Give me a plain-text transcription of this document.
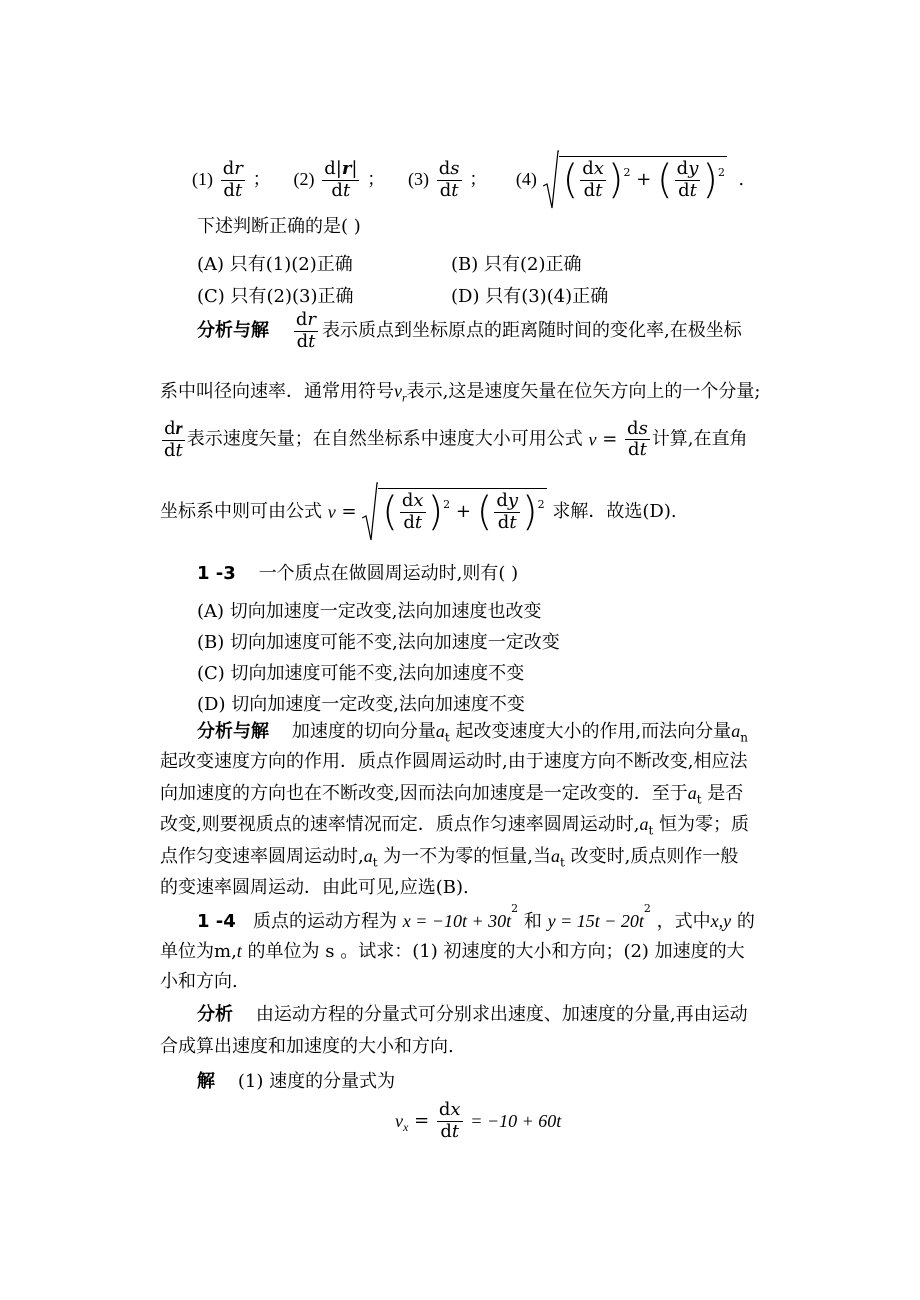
$(1) \frac{dr}{dt}$ ； $(2) \frac{d|r|}{dt}$ ； $(3) \frac{ds}{dt}$ ； (4) ( $\frac{dx}{dt} )^2$ + ( $\frac{dy}{dt} )^2$ .
下述判断正确的是( )
(A) 只有(1)(2)正确	(B) 只有(2)正确
(C) 只有(2)(3)正确	(D) 只有(3)(4)正确
分析与解 $\frac{dr}{dt}$ 表示质点到坐标原点的距离随时间的变化率,在极坐标
系中叫径向速率．通常用符号$v_r$表示,这是速度矢量在位矢方向上的一个分量;
$\frac{dr}{dt}$ 表示速度矢量；在自然坐标系中速度大小可用公式 $v = \frac{ds}{dt}$ 计算,在直角
坐标系中则可由公式 v = ( $\frac{dx}{dt} )^2$ + ( $\frac{dy}{dt} )^2$ 求解．故选(D).
1 -3 一个质点在做圆周运动时,则有( )
(A) 切向加速度一定改变,法向加速度也改变
(B) 切向加速度可能不变,法向加速度一定改变
(C) 切向加速度可能不变,法向加速度不变
(D) 切向加速度一定改变,法向加速度不变
分析与解 加速度的切向分量$a_t$ 起改变速度大小的作用,而法向分量$a_n$
起改变速度方向的作用．质点作圆周运动时,由于速度方向不断改变,相应法
向加速度的方向也在不断改变,因而法向加速度是一定改变的．至于$a_t$ 是否
改变,则要视质点的速率情况而定．质点作匀速率圆周运动时$,a_t$ 恒为零；质
点作匀变速率圆周运动时$,a_t$ 为一不为零的恒量,当$a_t$ 改变时,质点则作一般
的变速率圆周运动．由此可见,应选(B).
1 -4 质点的运动方程为 $x = -10t + 30t^2$ 和 $y = 15t - 20t^2$ ，式中x,y 的
单位为m,t 的单位为 s 。试求：(1) 初速度的大小和方向；(2) 加速度的大
小和方向.
分析 由运动方程的分量式可分别求出速度、加速度的分量,再由运动
合成算出速度和加速度的大小和方向.
解 (1) 速度的分量式为
$v_x = \frac{dx}{dt} = -10 + 60t$
